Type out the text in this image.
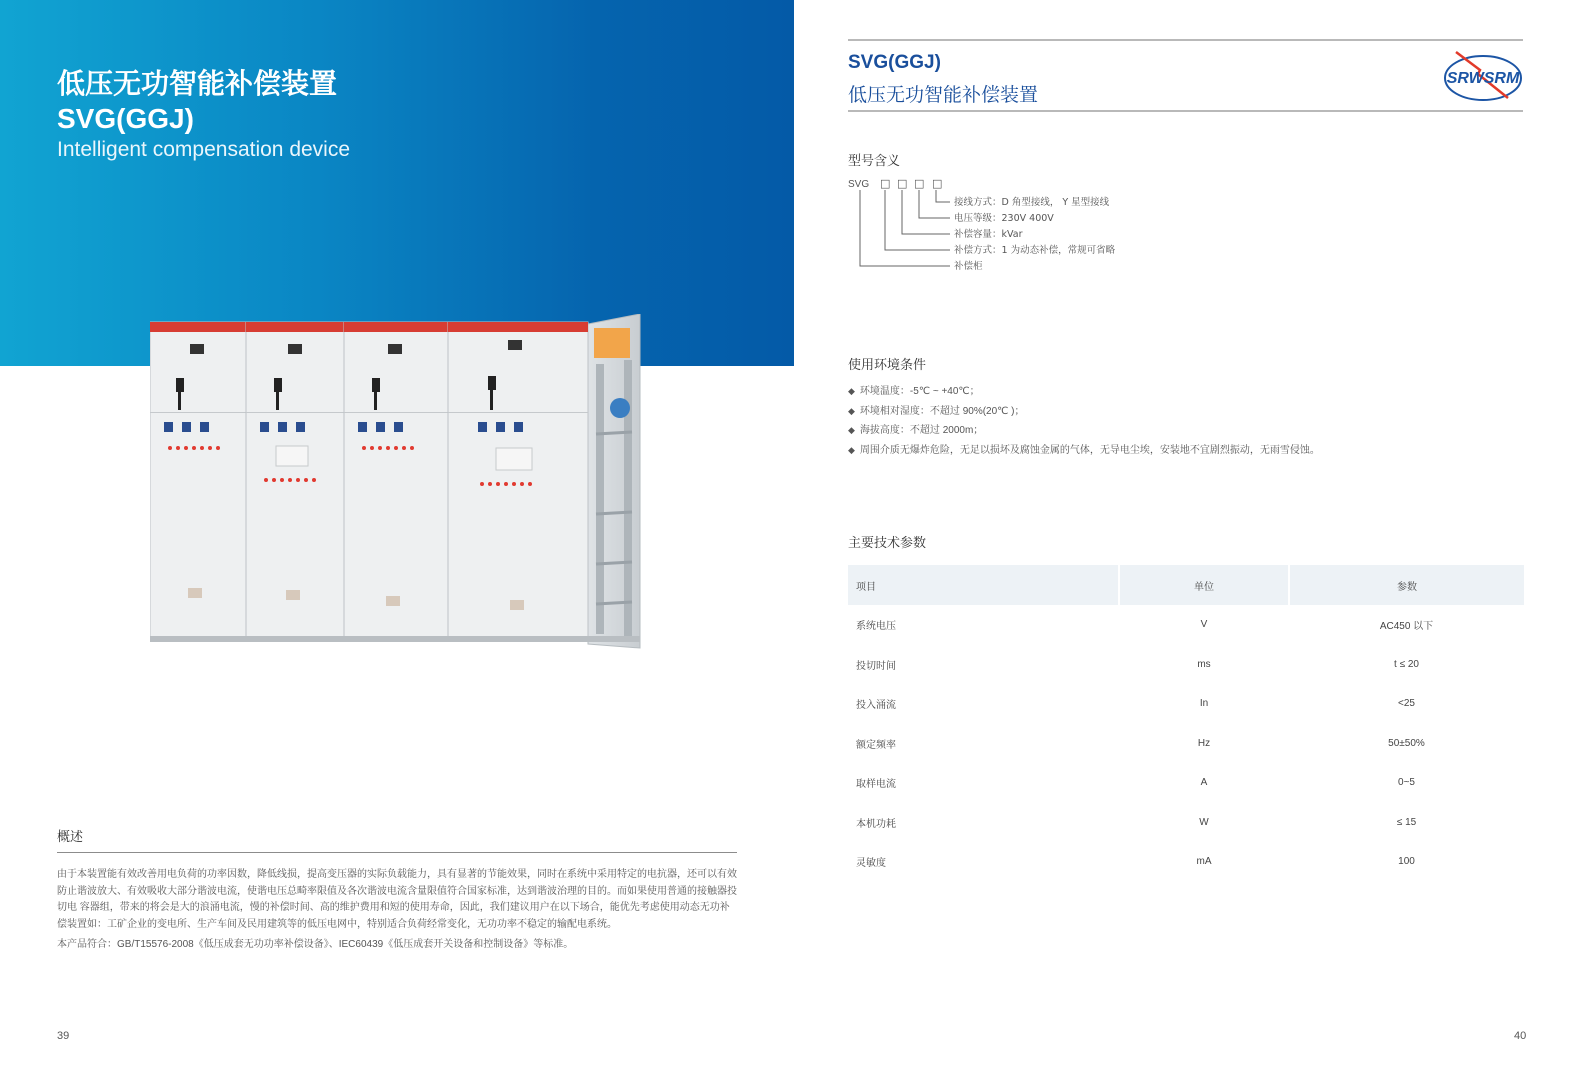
低压无功智能补偿装置
SVG(GGJ)
Intelligent compensation device
概述

由于本装置能有效改善用电负荷的功率因数，降低线损，提高变压器的实际负载能力，具有显著的节能效果，同时在系统中采用特定的电抗器，还可以有效防止谐波放大、有效吸收大部分谐波电流，使谐电压总畸率限值及各次谐波电流含量限值符合国家标准，达到谐波治理的目的。而如果使用普通的接触器投切电 容器组，带来的将会是大的浪涌电流，慢的补偿时间、高的维护费用和短的使用寿命，因此，我们建议用户在以下场合，能优先考虑使用动态无功补偿装置如：工矿企业的变电所、生产车间及民用建筑等的低压电网中，特别适合负荷经常变化，无功功率不稳定的输配电系统。

本产品符合：GB/T15576-2008《低压成套无功功率补偿设备》、IEC60439《低压成套开关设备和控制设备》等标准。

39
SVG(GGJ)
低压无功智能补偿装置
SRWSRM
型号含义
SVG □ □ □ □
接线方式：D 角型接线， Y 星型接线
电压等级：230V 400V
补偿容量：kVar
补偿方式：1 为动态补偿，常规可省略
补偿柜
使用环境条件
◆ 环境温度：-5℃ ~ +40℃；
◆ 环境相对湿度：不超过 90%(20℃ )；
◆ 海拔高度：不超过 2000m；
◆ 周围介质无爆炸危险，无足以损坏及腐蚀金属的气体，无导电尘埃，安装地不宜剧烈振动，无雨雪侵蚀。
主要技术参数
项目	单位	参数
系统电压	V	AC450 以下
投切时间	ms	t ≤ 20
投入涌流	In	<25
额定频率	Hz	50±50%
取样电流	A	0~5
本机功耗	W	≤ 15
灵敏度	mA	100
40
